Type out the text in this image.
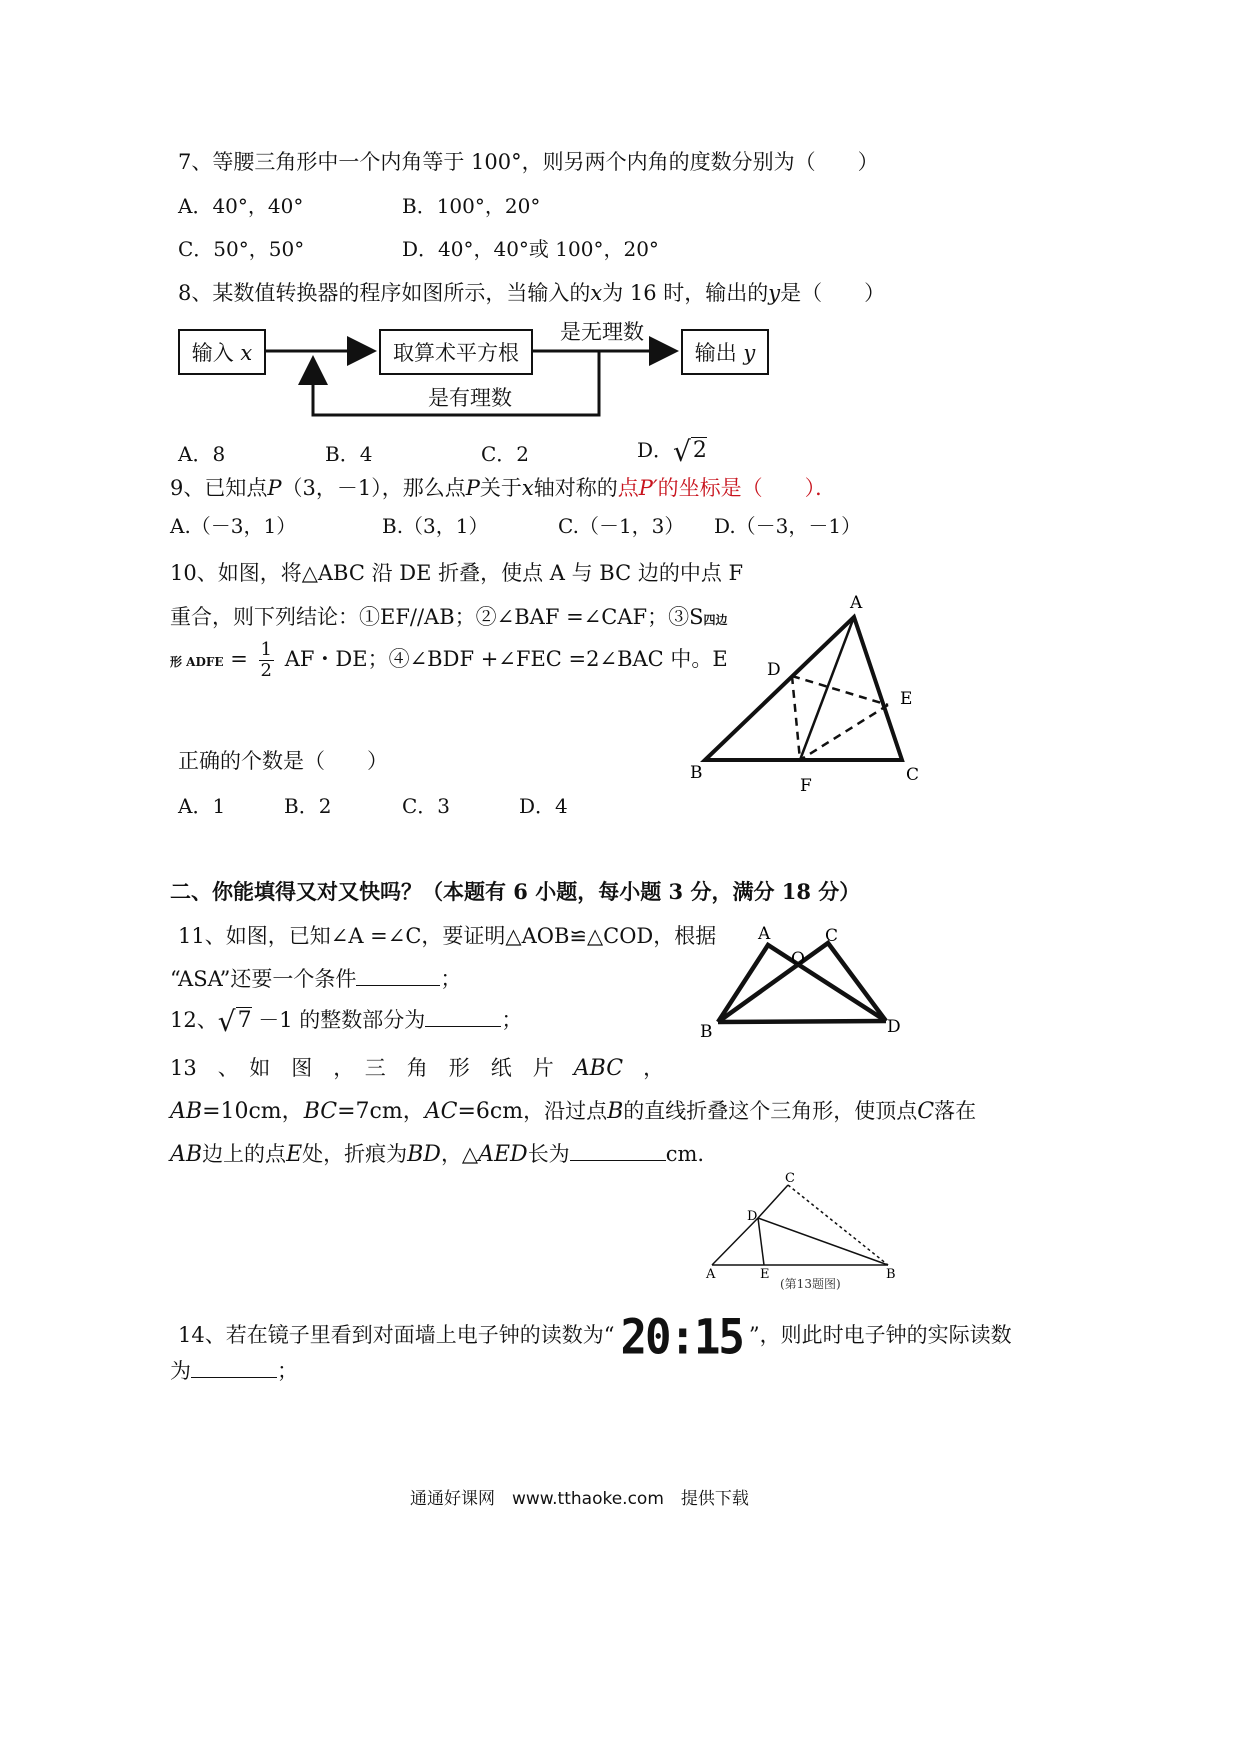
7、等腰三角形中一个内角等于 100°，则另两个内角的度数分别为（　　）
A．40°，40°	B．100°，20°
C．50°，50°	D．40°，40°或 100°，20°
8、某数值转换器的程序如图所示，当输入的x为 16 时，输出的y是（　　）
输入 x	取算术平方根	输出 y
是无理数
是有理数
A．8	B．4	C．2	D．√2
9、已知点P（3，－1），那么点P关于x轴对称的点P′的坐标是（　　）．
A.（－3，1）	B.（3，1）	C.（－1，3） D.（－3，－1）
10、如图，将△ABC 沿 DE 折叠，使点 A 与 BC 边的中点 F
重合，则下列结论：①EF//AB；②∠BAF =∠CAF；③S四边
形 ADFE = $\frac{1}{2}$ AF・DE；④∠BDF +∠FEC =2∠BAC 中。E
正确的个数是（　　）
A．1	B．2	C．3	D．4
A
B	C
D
E
F
二、你能填得又对又快吗？（本题有 6 小题，每小题 3 分，满分 18 分）
11、如图，已知∠A =∠C，要证明△AOB≌△COD，根据
“ASA”还要一个条件	；
A
O
C
B	D
12、√7 －1 的整数部分为	；
13　、　如　图　，　三　角　形　纸　片 ABC ，
AB=10cm，BC=7cm，AC=6cm，沿过点B的直线折叠这个三角形，使顶点C落在
AB边上的点E处，折痕为BD，△AED长为	cm.
C
D
A	E	B
(第13题图)
14、若在镜子里看到对面墙上电子钟的读数为“ 20:15 ”，则此时电子钟的实际读数
为	；
通通好课网　www.tthaoke.com　提供下载
